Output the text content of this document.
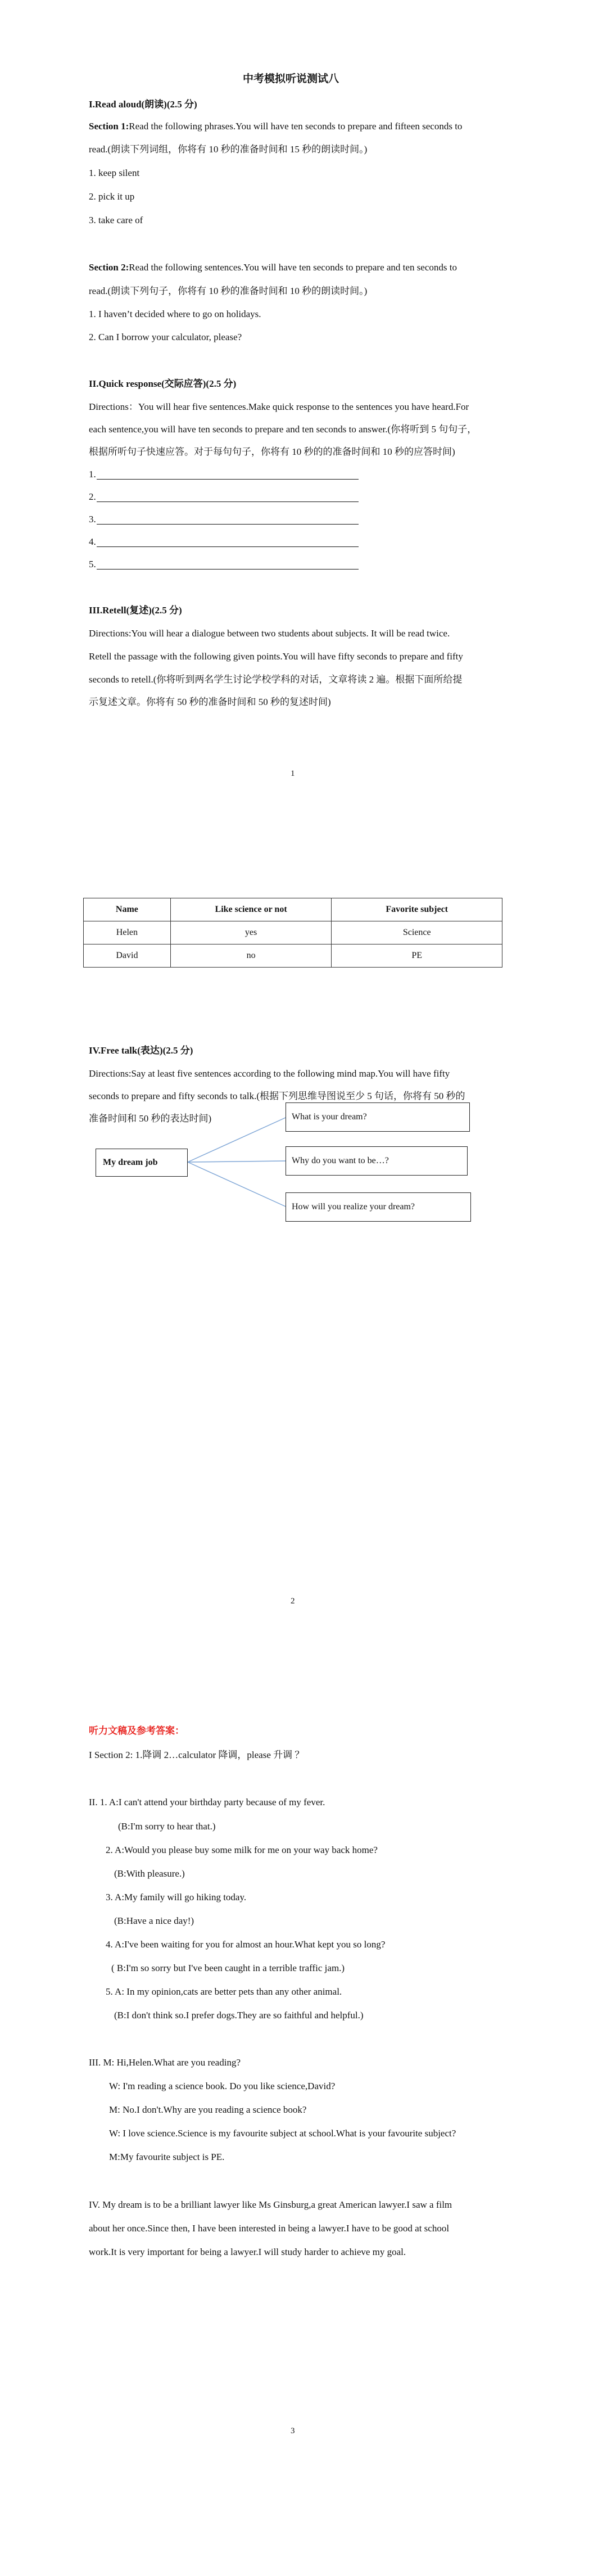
中考模拟听说测试八
I.Read aloud(朗读)(2.5 分)
Section 1:Read the following phrases.You will have ten seconds to prepare and fifteen seconds to
read.(朗读下列词组，你将有 10 秒的准备时间和 15 秒的朗读时间。)
1. keep silent
2. pick it up
3. take care of
Section 2:Read the following sentences.You will have ten seconds to prepare and ten seconds to
read.(朗读下列句子，你将有 10 秒的准备时间和 10 秒的朗读时间。)
1. I haven’t decided where to go on holidays.
2. Can I borrow your calculator, please?
II.Quick response(交际应答)(2.5 分)
Directions：You will hear five sentences.Make quick response to the sentences you have heard.For
each sentence,you will have ten seconds to prepare and ten seconds to answer.(你将听到 5 句句子，
根据所听句子快速应答。对于每句句子，你将有 10 秒的的准备时间和 10 秒的应答时间)
1.
2.
3.
4.
5.
III.Retell(复述)(2.5 分)
Directions:You will hear a dialogue between two students about subjects. It will be read twice.
Retell the passage with the following given points.You will have fifty seconds to prepare and fifty
seconds to retell.(你将听到两名学生讨论学校学科的对话，文章将读 2 遍。根据下面所给提
示复述文章。你将有 50 秒的准备时间和 50 秒的复述时间)
1
Name	Like science or not	Favorite subject
Helen	yes	Science
David	no	PE
IV.Free talk(表达)(2.5 分)
Directions:Say at least five sentences according to the following mind map.You will have fifty
seconds to prepare and fifty seconds to talk.(根据下列思维导图说至少 5 句话，你将有 50 秒的
准备时间和 50 秒的表达时间)
My dream job
What is your dream?
Why do you want to be…?
How will you realize your dream?
2
听力文稿及参考答案：
I Section 2: 1.降调 2…calculator 降调，please 升调 ？
II. 1. A:I can't attend your birthday party because of my fever.
(B:I'm sorry to hear that.)
2. A:Would you please buy some milk for me on your way back home?
(B:With pleasure.)
3. A:My family will go hiking today.
(B:Have a nice day!)
4. A:I've been waiting for you for almost an hour.What kept you so long?
( B:I'm so sorry but I've been caught in a terrible traffic jam.)
5. A: In my opinion,cats are better pets than any other animal.
(B:I don't think so.I prefer dogs.They are so faithful and helpful.)
III. M: Hi,Helen.What are you reading?
W: I'm reading a science book. Do you like science,David?
M: No.I don't.Why are you reading a science book?
W: I love science.Science is my favourite subject at school.What is your favourite subject?
M:My favourite subject is PE.
IV. My dream is to be a brilliant lawyer like Ms Ginsburg,a great American lawyer.I saw a film
about her once.Since then, I have been interested in being a lawyer.I have to be good at school
work.It is very important for being a lawyer.I will study harder to achieve my goal.
3
